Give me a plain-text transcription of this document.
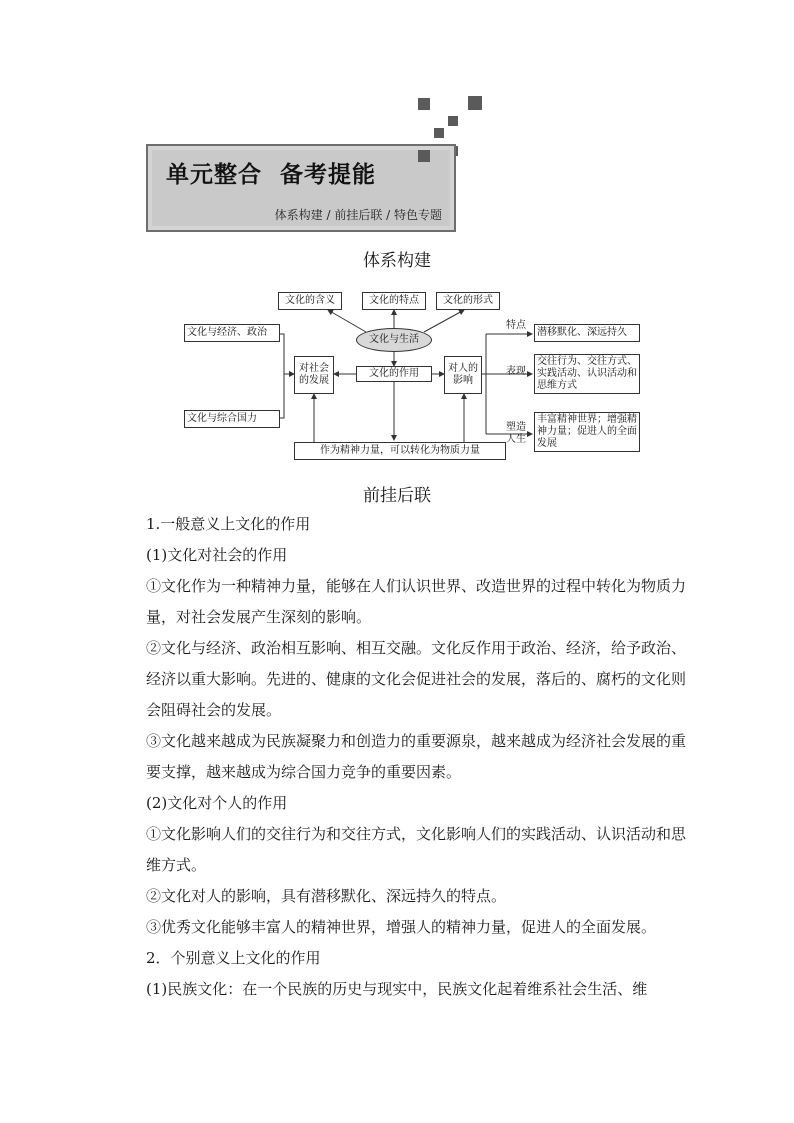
单元整合  备考提能
体系构建 / 前挂后联 / 特色专题
体系构建
文化的含义	文化的特点	文化的形式
文化与生活
文化与经济、政治
文化与综合国力
对社会的发展
文化的作用	对人的影响
作为精神力量，可以转化为物质力量
特点
表现
塑造人生
潜移默化、深远持久
交往行为、交往方式、实践活动、认识活动和思维方式
丰富精神世界；增强精神力量；促进人的全面发展
前挂后联
1.一般意义上文化的作用
(1)文化对社会的作用
①文化作为一种精神力量，能够在人们认识世界、改造世界的过程中转化为物质力量，对社会发展产生深刻的影响。
②文化与经济、政治相互影响、相互交融。文化反作用于政治、经济，给予政治、经济以重大影响。先进的、健康的文化会促进社会的发展，落后的、腐朽的文化则会阻碍社会的发展。
③文化越来越成为民族凝聚力和创造力的重要源泉，越来越成为经济社会发展的重要支撑，越来越成为综合国力竞争的重要因素。
(2)文化对个人的作用
①文化影响人们的交往行为和交往方式，文化影响人们的实践活动、认识活动和思维方式。
②文化对人的影响，具有潜移默化、深远持久的特点。
③优秀文化能够丰富人的精神世界，增强人的精神力量，促进人的全面发展。
2．个别意义上文化的作用
(1)民族文化：在一个民族的历史与现实中，民族文化起着维系社会生活、维
